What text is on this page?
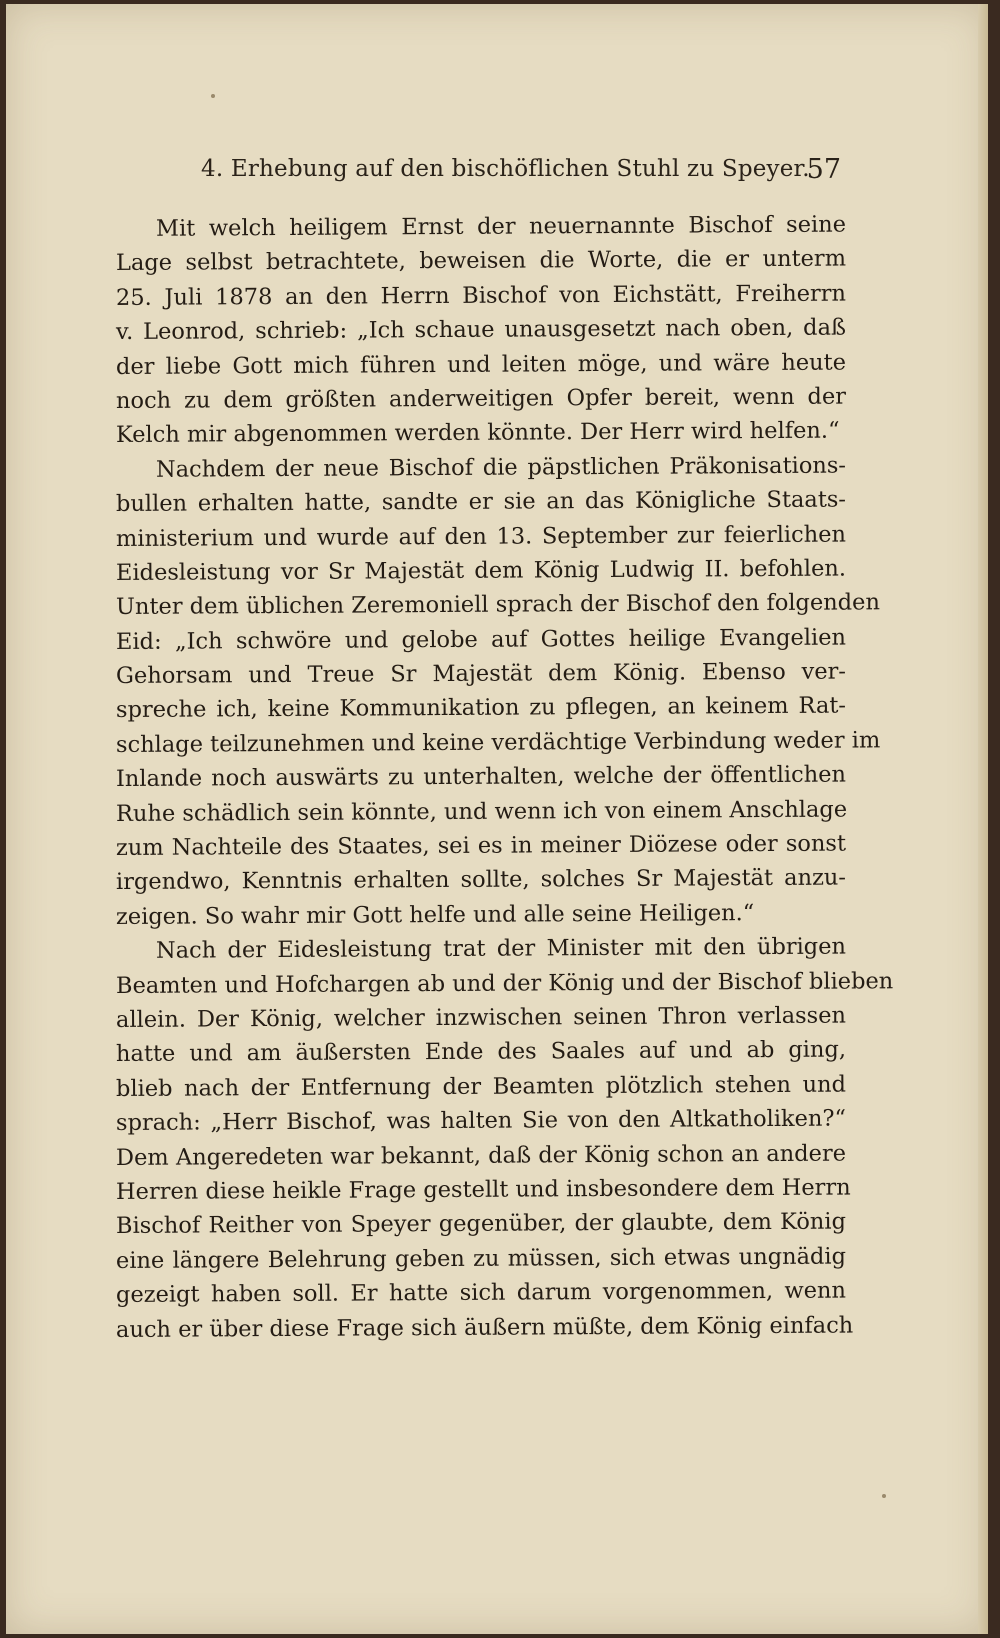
4. Erhebung auf den bischöflichen Stuhl zu Speyer.
57
Mit welch heiligem Ernst der neuernannte Bischof seine
Lage selbst betrachtete, beweisen die Worte, die er unterm
25. Juli 1878 an den Herrn Bischof von Eichstätt, Freiherrn
v. Leonrod, schrieb: „Ich schaue unausgesetzt nach oben, daß
der liebe Gott mich führen und leiten möge, und wäre heute
noch zu dem größten anderweitigen Opfer bereit, wenn der
Kelch mir abgenommen werden könnte. Der Herr wird helfen.“
Nachdem der neue Bischof die päpstlichen Präkonisations-
bullen erhalten hatte, sandte er sie an das Königliche Staats-
ministerium und wurde auf den 13. September zur feierlichen
Eidesleistung vor Sr Majestät dem König Ludwig II. befohlen.
Unter dem üblichen Zeremoniell sprach der Bischof den folgenden
Eid: „Ich schwöre und gelobe auf Gottes heilige Evangelien
Gehorsam und Treue Sr Majestät dem König. Ebenso ver-
spreche ich, keine Kommunikation zu pflegen, an keinem Rat-
schlage teilzunehmen und keine verdächtige Verbindung weder im
Inlande noch auswärts zu unterhalten, welche der öffentlichen
Ruhe schädlich sein könnte, und wenn ich von einem Anschlage
zum Nachteile des Staates, sei es in meiner Diözese oder sonst
irgendwo, Kenntnis erhalten sollte, solches Sr Majestät anzu-
zeigen. So wahr mir Gott helfe und alle seine Heiligen.“
Nach der Eidesleistung trat der Minister mit den übrigen
Beamten und Hofchargen ab und der König und der Bischof blieben
allein. Der König, welcher inzwischen seinen Thron verlassen
hatte und am äußersten Ende des Saales auf und ab ging,
blieb nach der Entfernung der Beamten plötzlich stehen und
sprach: „Herr Bischof, was halten Sie von den Altkatholiken?“
Dem Angeredeten war bekannt, daß der König schon an andere
Herren diese heikle Frage gestellt und insbesondere dem Herrn
Bischof Reither von Speyer gegenüber, der glaubte, dem König
eine längere Belehrung geben zu müssen, sich etwas ungnädig
gezeigt haben soll. Er hatte sich darum vorgenommen, wenn
auch er über diese Frage sich äußern müßte, dem König einfach
